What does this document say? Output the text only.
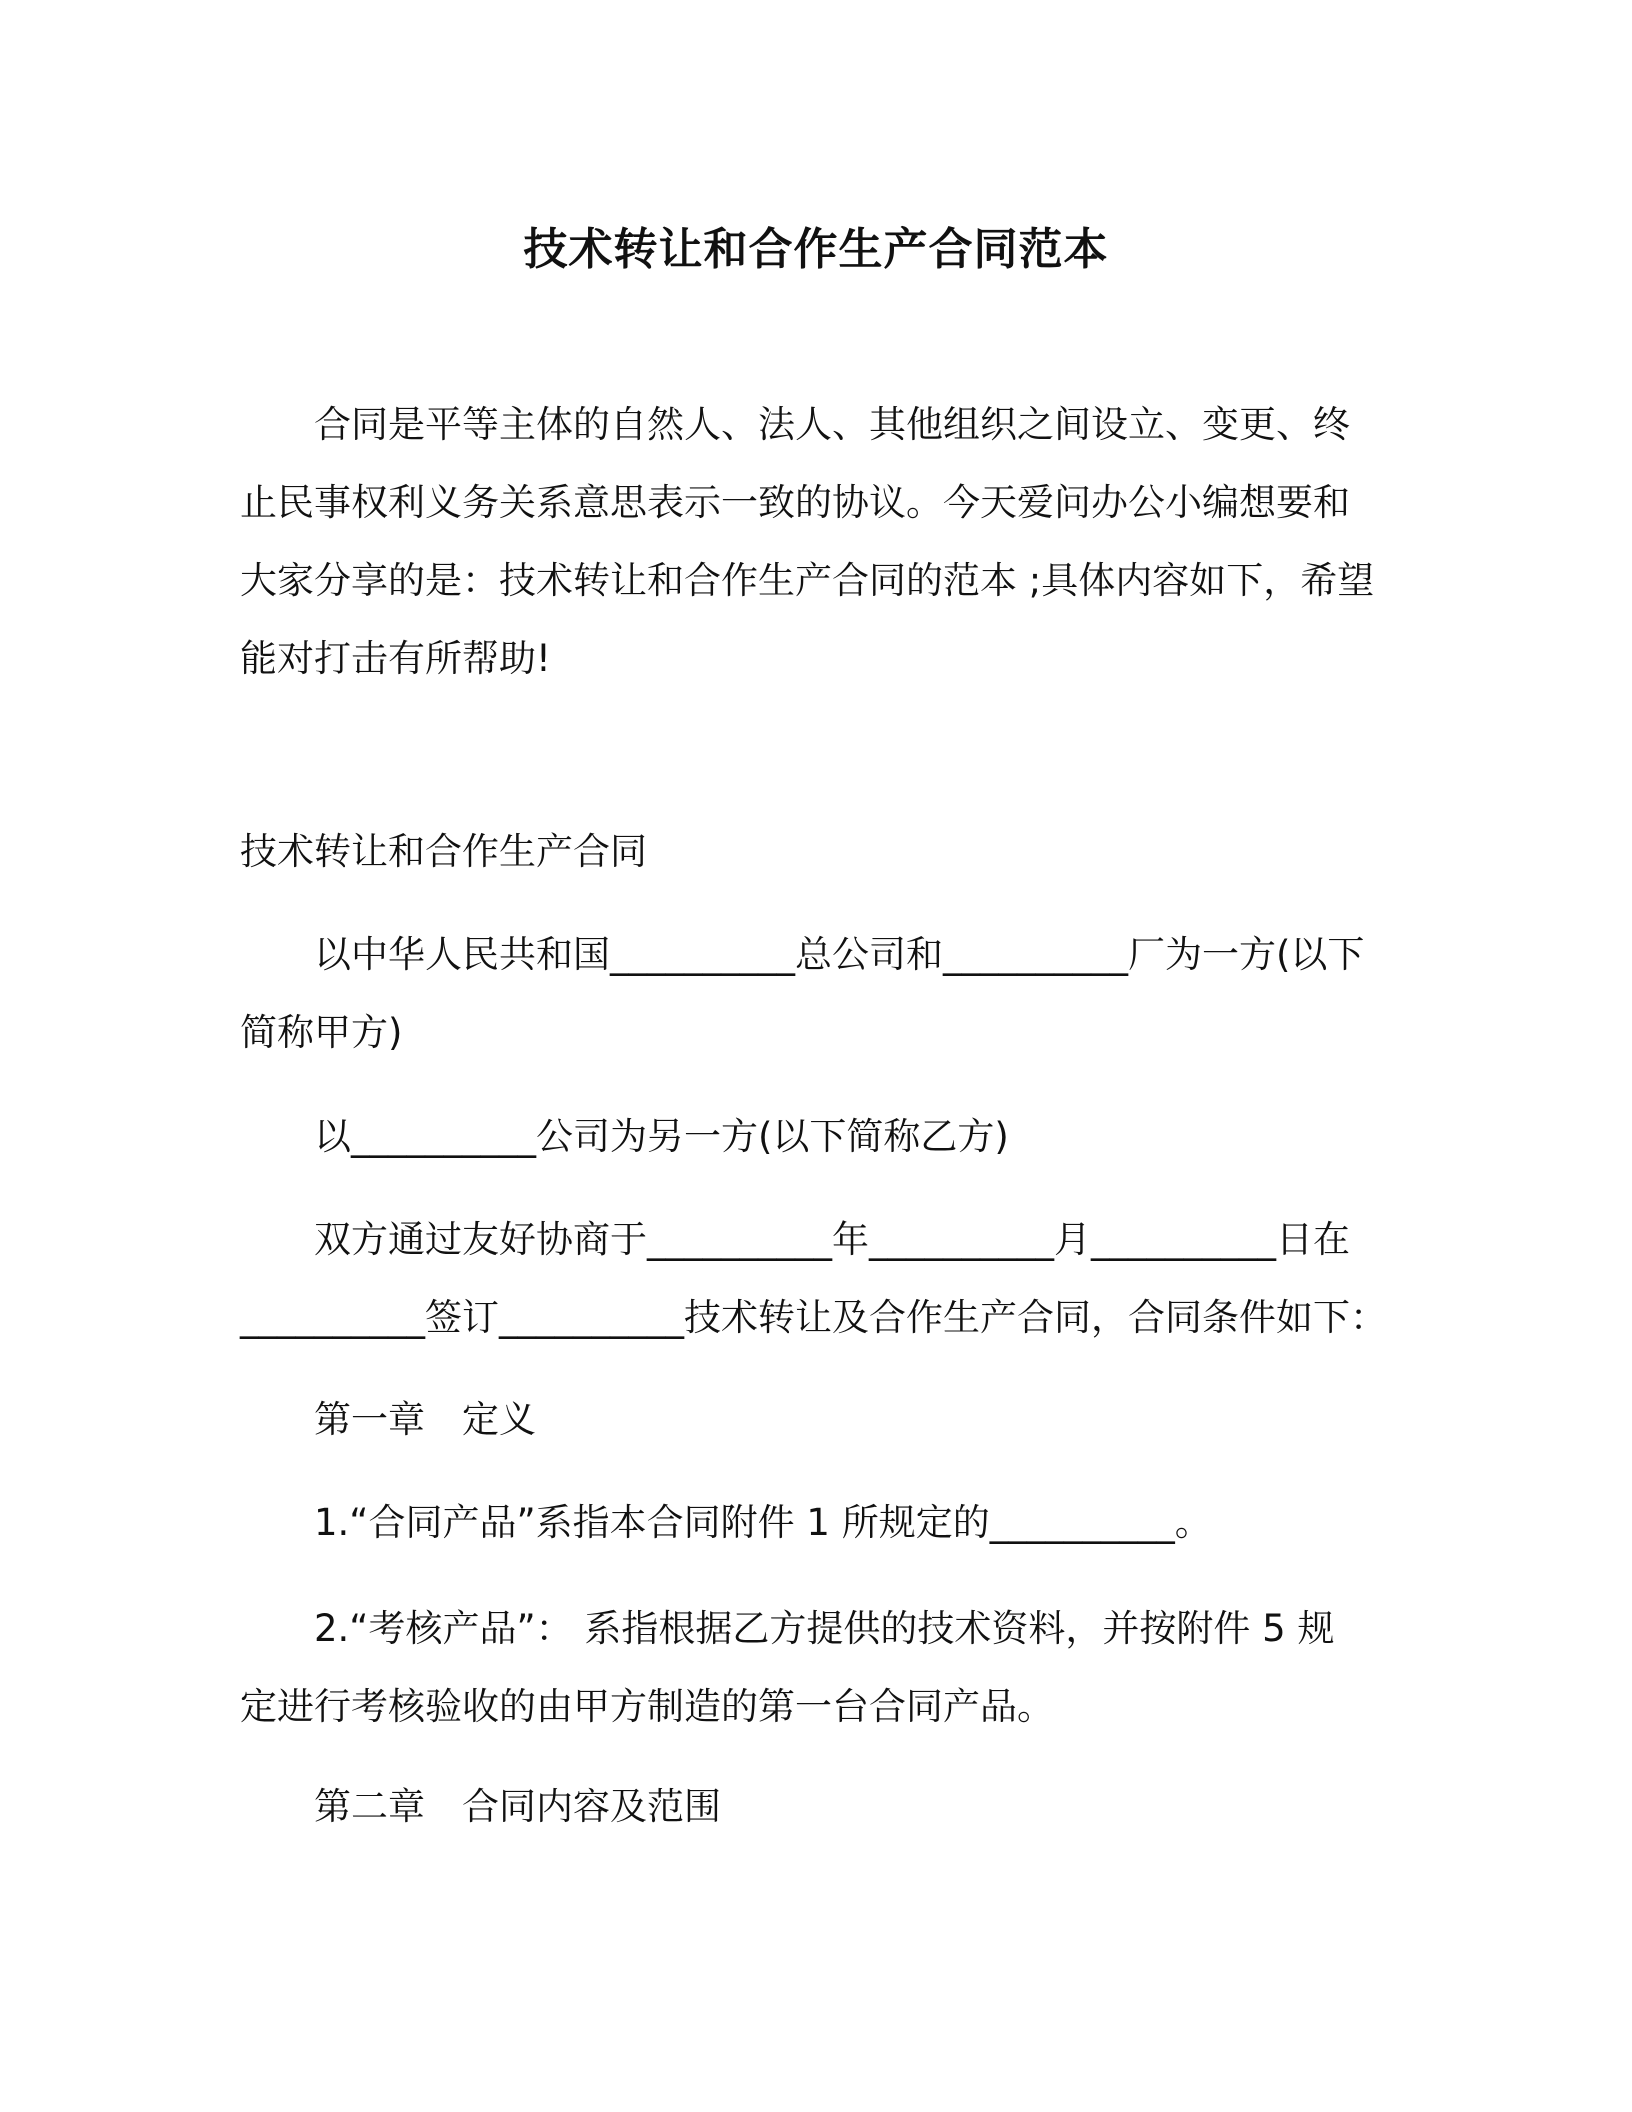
技术转让和合作生产合同范本
合同是平等主体的自然人、法人、其他组织之间设立、变更、终
止民事权利义务关系意思表示一致的协议。今天爱问办公小编想要和
大家分享的是：技术转让和合作生产合同的范本 ;具体内容如下，希望
能对打击有所帮助!
技术转让和合作生产合同
以中华人民共和国__________总公司和__________厂为一方(以下
简称甲方)
以__________公司为另一方(以下简称乙方)
双方通过友好协商于__________年__________月__________日在
__________签订__________技术转让及合作生产合同，合同条件如下：
第一章　定义
1.“合同产品”系指本合同附件 1 所规定的__________。
2.“考核产品”： 系指根据乙方提供的技术资料，并按附件 5 规
定进行考核验收的由甲方制造的第一台合同产品。
第二章　合同内容及范围
